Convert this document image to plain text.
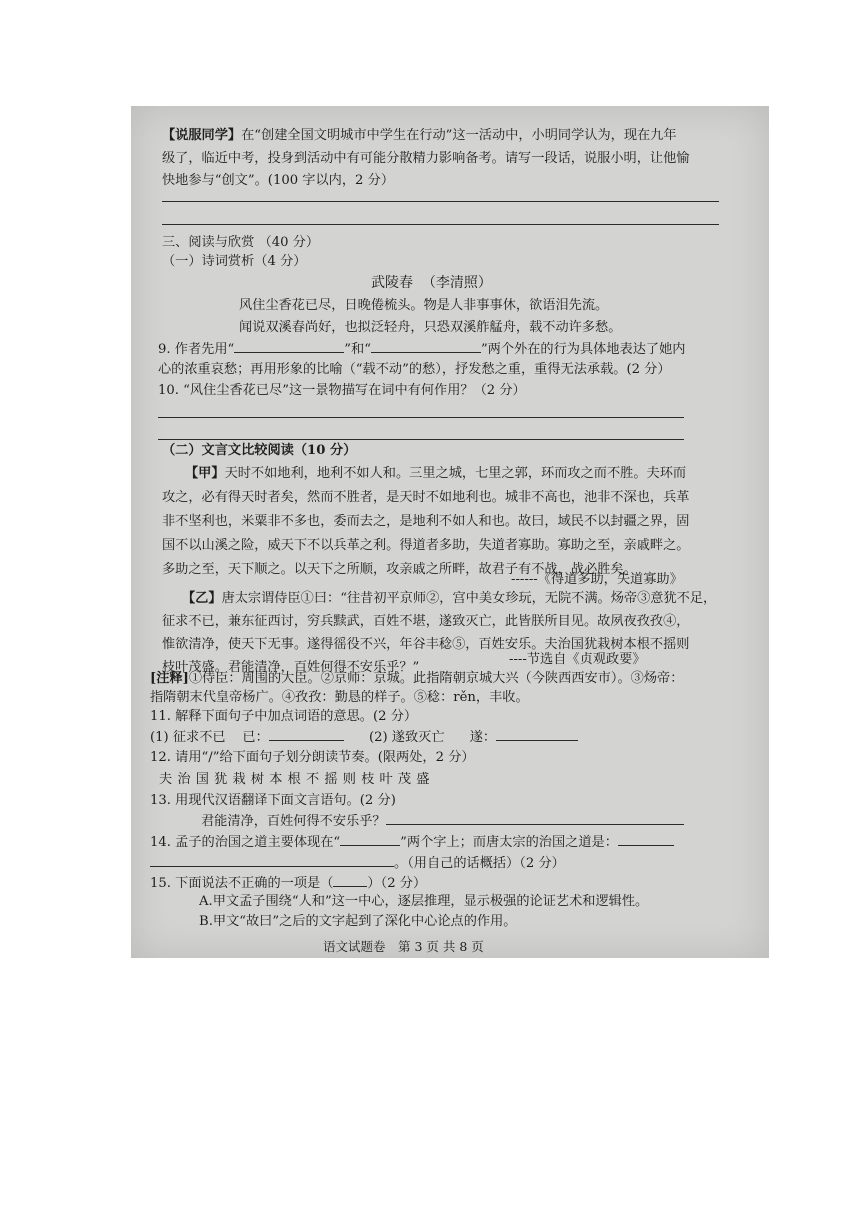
【说服同学】在“创建全国文明城市中学生在行动”这一活动中，小明同学认为，现在九年
级了，临近中考，投身到活动中有可能分散精力影响备考。请写一段话，说服小明，让他愉
快地参与“创文”。(100 字以内，2 分）
三、阅读与欣赏 （40 分）
（一）诗词赏析（4 分）
武陵春 （李清照）
风住尘香花已尽，日晚倦梳头。物是人非事事休，欲语泪先流。
闻说双溪春尚好，也拟泛轻舟，只恐双溪舴艋舟，载不动许多愁。
9. 作者先用“	”和“	”两个外在的行为具体地表达了她内
心的浓重哀愁；再用形象的比喻（“载不动”的愁），抒发愁之重，重得无法承载。(2 分）
10. “风住尘香花已尽”这一景物描写在词中有何作用？（2 分）
（二）文言文比较阅读（10 分）
【甲】天时不如地利，地利不如人和。三里之城，七里之郭，环而攻之而不胜。夫环而
攻之，必有得天时者矣，然而不胜者，是天时不如地利也。城非不高也，池非不深也，兵革
非不坚利也，米粟非不多也，委而去之，是地利不如人和也。故曰，域民不以封疆之界，固
国不以山溪之险，威天下不以兵革之利。得道者多助，失道者寡助。寡助之至，亲戚畔之。
多助之至，天下顺之。以天下之所顺，攻亲戚之所畔，故君子有不战，战必胜矣。
------《得道多助，失道寡助》
【乙】唐太宗谓侍臣①曰：“往昔初平京师②，宫中美女珍玩，无院不满。炀帝③意犹不足，
征求不已，兼东征西讨，穷兵黩武，百姓不堪，遂致灭亡，此皆朕所目见。故夙夜孜孜④，
惟欲清净，使天下无事。遂得徭役不兴，年谷丰稔⑤，百姓安乐。夫治国犹栽树本根不摇则
枝叶茂盛。君能清净，百姓何得不安乐乎？”
----节选自《贞观政要》
[注释]①侍臣：周围的大臣。②京师：京城。此指隋朝京城大兴（今陕西西安市）。③炀帝：
指隋朝末代皇帝杨广。④孜孜：勤恳的样子。⑤稔：rěn，丰收。
11. 解释下面句子中加点词语的意思。(2 分）
(1) 征求不已 已：	(2) 遂致灭亡 遂：
12. 请用“/”给下面句子划分朗读节奏。(限两处，2 分）
夫 治 国 犹 栽 树 本 根 不 摇 则 枝 叶 茂 盛
13. 用现代汉语翻译下面文言语句。(2 分)
君能清净，百姓何得不安乐乎？
14. 孟子的治国之道主要体现在“	”两个字上；而唐太宗的治国之道是：
。（用自己的话概括）（2 分）
15. 下面说法不正确的一项是（	）（2 分）
A.甲文孟子围绕“人和”这一中心，逐层推理，显示极强的论证艺术和逻辑性。
B.甲文“故曰”之后的文字起到了深化中心论点的作用。
语文试题卷　第 3 页 共 8 页
